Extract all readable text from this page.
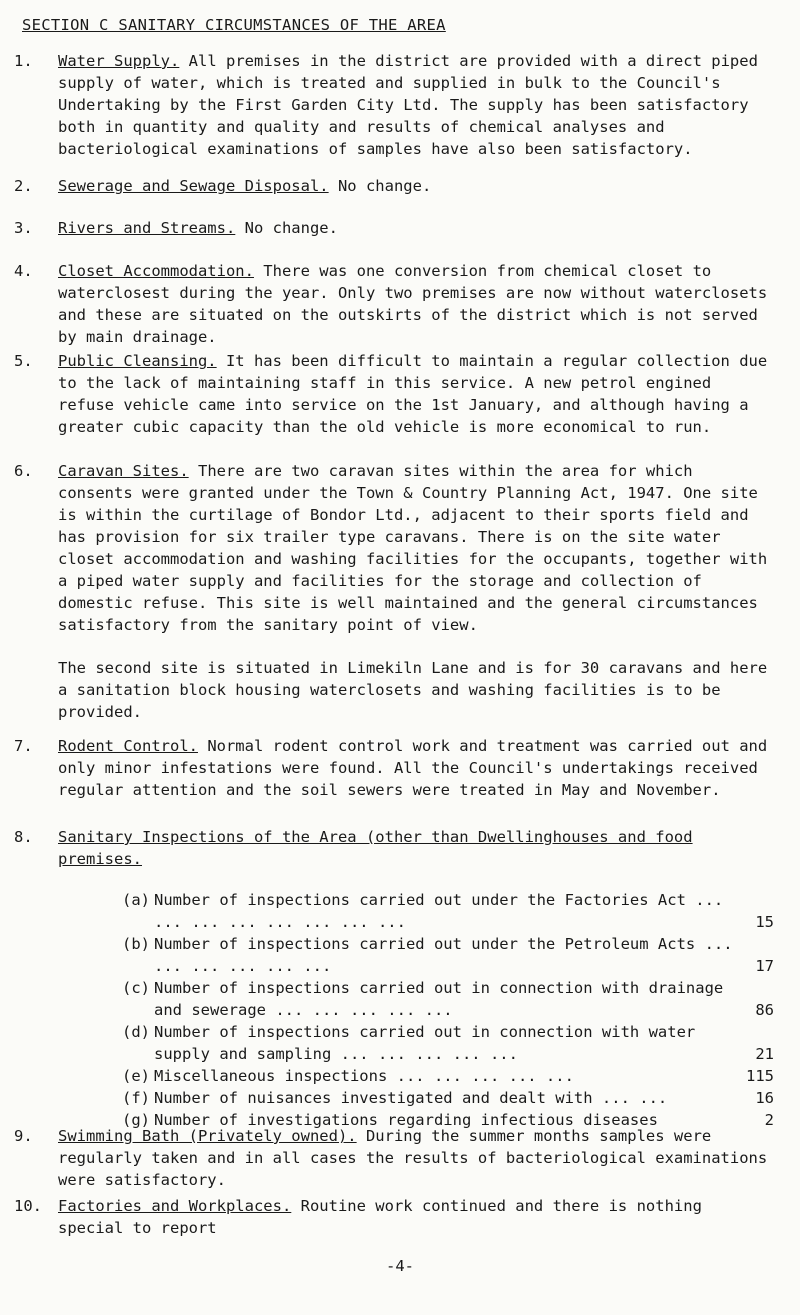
SECTION C SANITARY CIRCUMSTANCES OF THE AREA
1.	Water Supply. All premises in the district are provided with a direct piped supply of water, which is treated and supplied in bulk to the Council's Undertaking by the First Garden City Ltd. The supply has been satisfactory both in quantity and quality and results of chemical analyses and bacteriological examinations of samples have also been satisfactory.
2.	Sewerage and Sewage Disposal. No change.
3.	Rivers and Streams. No change.
4.	Closet Accommodation. There was one conversion from chemical closet to waterclosest during the year. Only two premises are now without waterclosets and these are situated on the outskirts of the district which is not served by main drainage.
5.	Public Cleansing. It has been difficult to maintain a regular collection due to the lack of maintaining staff in this service. A new petrol engined refuse vehicle came into service on the 1st January, and although having a greater cubic capacity than the old vehicle is more economical to run.
6.	Caravan Sites. There are two caravan sites within the area for which consents were granted under the Town & Country Planning Act, 1947. One site is within the curtilage of Bondor Ltd., adjacent to their sports field and has provision for six trailer type caravans. There is on the site water closet accommodation and washing facilities for the occupants, together with a piped water supply and facilities for the storage and collection of domestic refuse. This site is well maintained and the general circumstances satisfactory from the sanitary point of view.
The second site is situated in Limekiln Lane and is for 30 caravans and here a sanitation block housing waterclosets and washing facilities is to be provided.
7.	Rodent Control. Normal rodent control work and treatment was carried out and only minor infestations were found. All the Council's undertakings received regular attention and the soil sewers were treated in May and November.
8.	Sanitary Inspections of the Area (other than Dwellinghouses and food premises.
(a) Number of inspections carried out under the Factories Act ... ... ... ... ... ... ... ...	15
(b) Number of inspections carried out under the Petroleum Acts ... ... ... ... ... ...	17
(c) Number of inspections carried out in connection with drainage and sewerage ... ... ... ... ...	86
(d) Number of inspections carried out in connection with water supply and sampling ... ... ... ... ...	21
(e) Miscellaneous inspections ... ... ... ... ...	115
(f) Number of nuisances investigated and dealt with ... ...	16
(g) Number of investigations regarding infectious diseases	2
9.	Swimming Bath (Privately owned). During the summer months samples were regularly taken and in all cases the results of bacteriological examinations were satisfactory.
10.	Factories and Workplaces. Routine work continued and there is nothing special to report
-4-
